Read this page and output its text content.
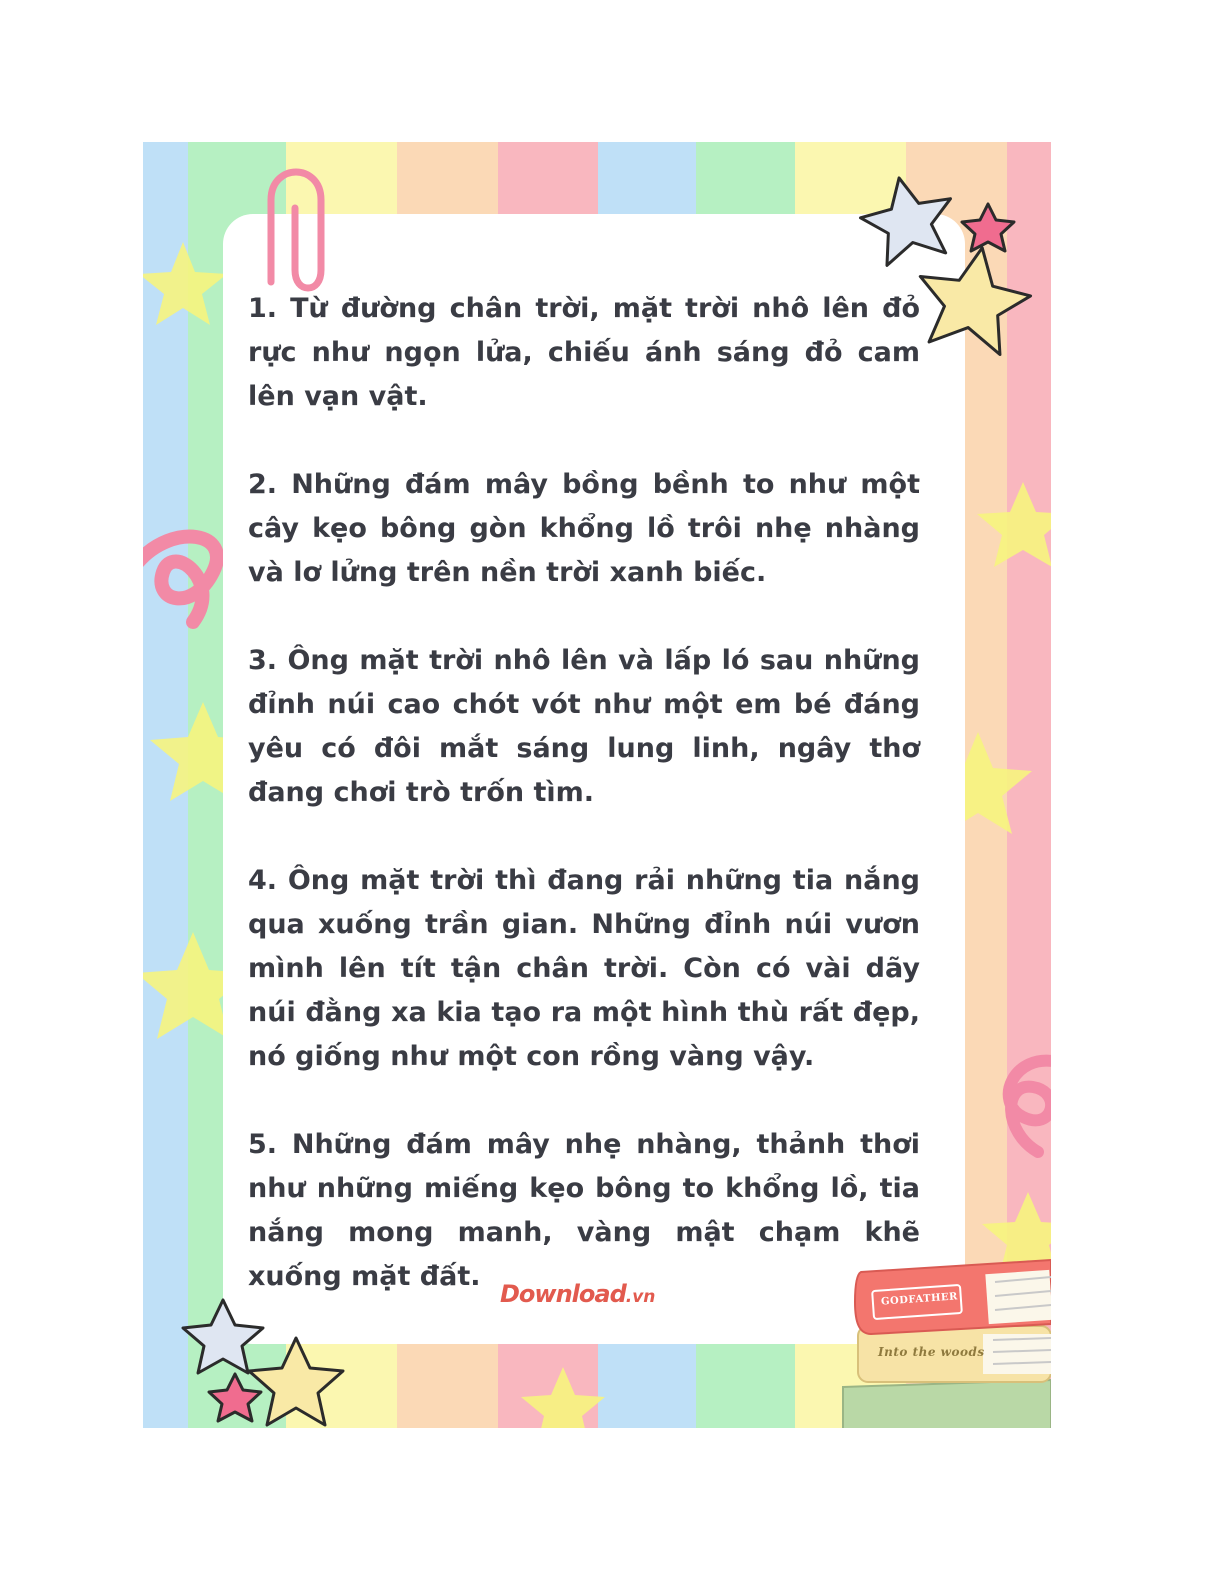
GODFATHER
Into the woods

1. Từ đường chân trời, mặt trời nhô lên đỏ rực như ngọn lửa, chiếu ánh sáng đỏ cam lên vạn vật.

2. Những đám mây bồng bềnh to như một cây kẹo bông gòn khổng lồ trôi nhẹ nhàng và lơ lửng trên nền trời xanh biếc.

3. Ông mặt trời nhô lên và lấp ló sau những đỉnh núi cao chót vót như một em bé đáng yêu có đôi mắt sáng lung linh, ngây thơ đang chơi trò trốn tìm.

4. Ông mặt trời thì đang rải những tia nắng qua xuống trần gian. Những đỉnh núi vươn mình lên tít tận chân trời. Còn có vài dãy núi đằng xa kia tạo ra một hình thù rất đẹp, nó giống như một con rồng vàng vậy.

5. Những đám mây nhẹ nhàng, thảnh thơi như những miếng kẹo bông to khổng lồ, tia nắng mong manh, vàng mật chạm khẽ xuống mặt đất.

Download.vn
